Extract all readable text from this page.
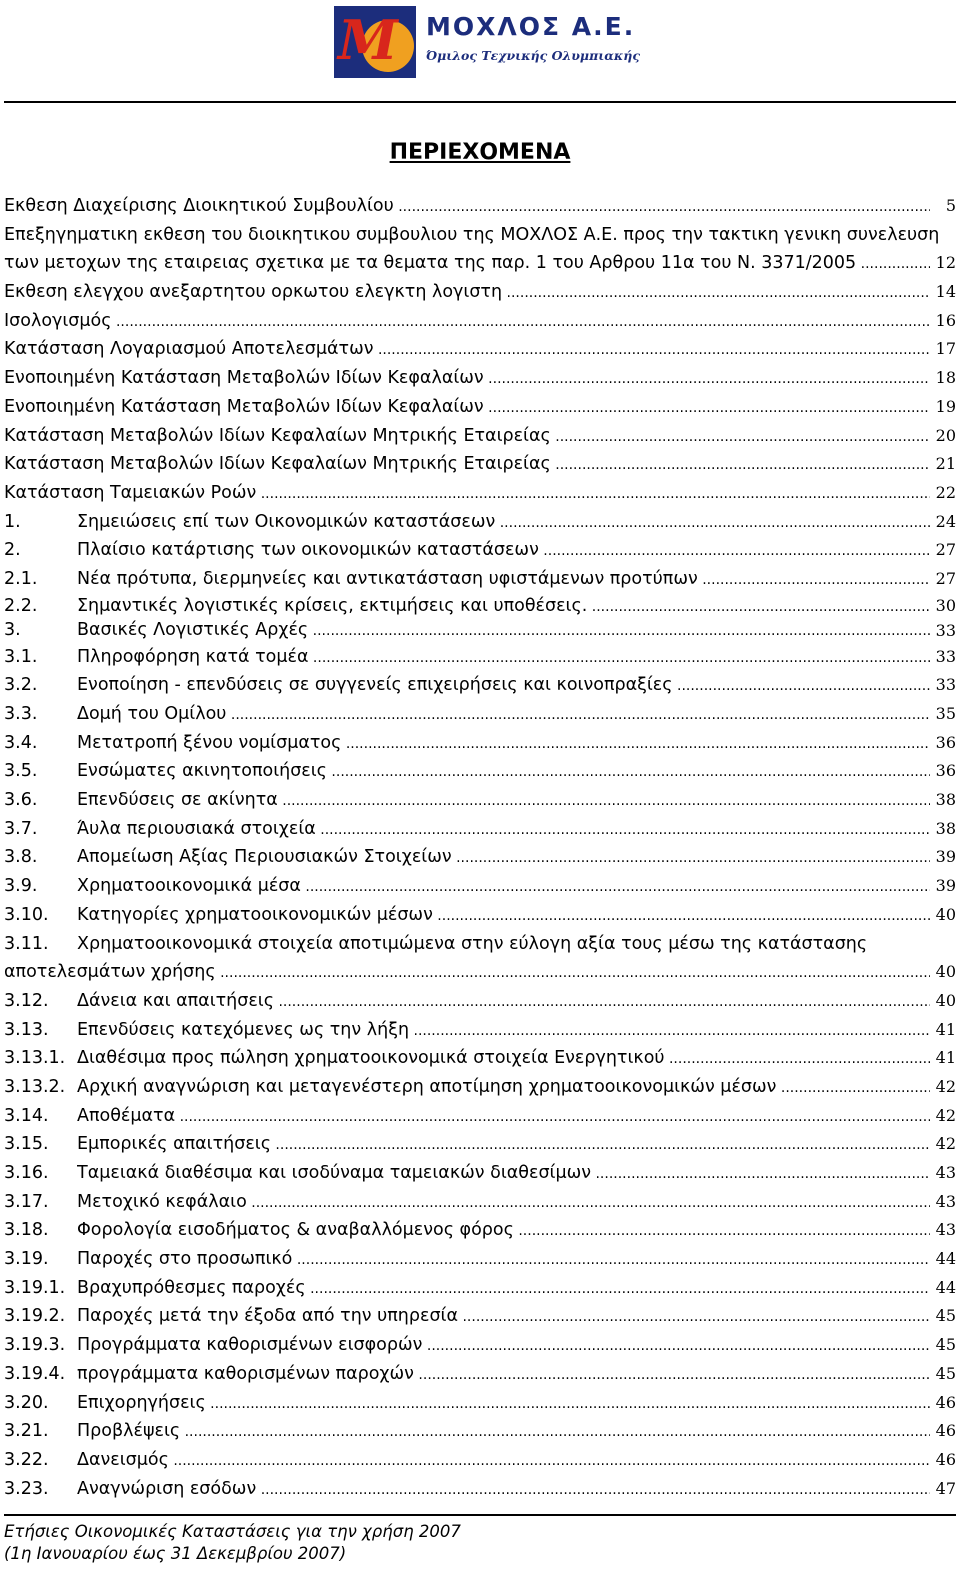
M ΜΟΧΛΟΣ Α.Ε.
Όμιλος Τεχνικής Ολυμπιακής
ΠΕΡΙΕΧΟΜΕΝΑ
Εκθεση Διαχείρισης Διοικητικού Συμβουλίου .....	5
Επεξηγηματικη εκθεση του διοικητικου συμβουλιου της ΜΟΧΛΟΣ Α.Ε. προς την τακτικη γενικη συνελευση
των μετοχων της εταιρειας σχετικα με τα θεματα της παρ. 1 του Αρθρου 11α του Ν. 3371/2005 .....	12
Εκθεση ελεγχου ανεξαρτητου ορκωτου ελεγκτη λογιστη .....	14
Ισολογισμός .....	16
Κατάσταση Λογαριασμού Αποτελεσμάτων .....	17
Ενοποιημένη Κατάσταση Μεταβολών Ιδίων Κεφαλαίων .....	18
Ενοποιημένη Κατάσταση Μεταβολών Ιδίων Κεφαλαίων .....	19
Κατάσταση Μεταβολών Ιδίων Κεφαλαίων Μητρικής Εταιρείας .....	20
Κατάσταση Μεταβολών Ιδίων Κεφαλαίων Μητρικής Εταιρείας .....	21
Κατάσταση Ταμειακών Ροών .....	22
1.	Σημειώσεις επί των Οικονομικών καταστάσεων .....	24
2.	Πλαίσιο κατάρτισης των οικονομικών καταστάσεων .....	27
2.1. Νέα πρότυπα, διερμηνείες και αντικατάσταση υφιστάμενων προτύπων .....	27
2.2. Σημαντικές λογιστικές κρίσεις, εκτιμήσεις και υποθέσεις. .....	30
3.	Βασικές Λογιστικές Αρχές .....	33
3.1. Πληροφόρηση κατά τομέα .....	33
3.2. Ενοποίηση - επενδύσεις σε συγγενείς επιχειρήσεις και κοινοπραξίες .....	33
3.3. Δομή του Ομίλου .....	35
3.4. Μετατροπή ξένου νομίσματος .....	36
3.5. Ενσώματες ακινητοποιήσεις .....	36
3.6. Επενδύσεις σε ακίνητα .....	38
3.7. Άυλα περιουσιακά στοιχεία .....	38
3.8. Απομείωση Αξίας Περιουσιακών Στοιχείων .....	39
3.9. Χρηματοοικονομικά μέσα .....	39
3.10. Κατηγορίες χρηματοοικονομικών μέσων .....	40
3.11. Χρηματοοικονομικά στοιχεία αποτιμώμενα στην εύλογη αξία τους μέσω της κατάστασης
αποτελεσμάτων χρήσης .....	40
3.12. Δάνεια και απαιτήσεις .....	40
3.13. Επενδύσεις κατεχόμενες ως την λήξη .....	41
3.13.1. Διαθέσιμα προς πώληση χρηματοοικονομικά στοιχεία Ενεργητικού .....	41
3.13.2. Αρχική αναγνώριση και μεταγενέστερη αποτίμηση χρηματοοικονομικών μέσων .....	42
3.14. Αποθέματα .....	42
3.15. Εμπορικές απαιτήσεις .....	42
3.16. Ταμειακά διαθέσιμα και ισοδύναμα ταμειακών διαθεσίμων .....	43
3.17. Μετοχικό κεφάλαιο .....	43
3.18. Φορολογία εισοδήματος & αναβαλλόμενος φόρος .....	43
3.19. Παροχές στο προσωπικό .....	44
3.19.1. Βραχυπρόθεσμες παροχές .....	44
3.19.2. Παροχές μετά την έξοδα από την υπηρεσία .....	45
3.19.3. Προγράμματα καθορισμένων εισφορών .....	45
3.19.4. προγράμματα καθορισμένων παροχών .....	45
3.20. Επιχορηγήσεις .....	46
3.21. Προβλέψεις .....	46
3.22. Δανεισμός .....	46
3.23. Αναγνώριση εσόδων .....	47
Ετήσιες Οικονομικές Καταστάσεις για την χρήση 2007
(1η Ιανουαρίου έως 31 Δεκεμβρίου 2007)
